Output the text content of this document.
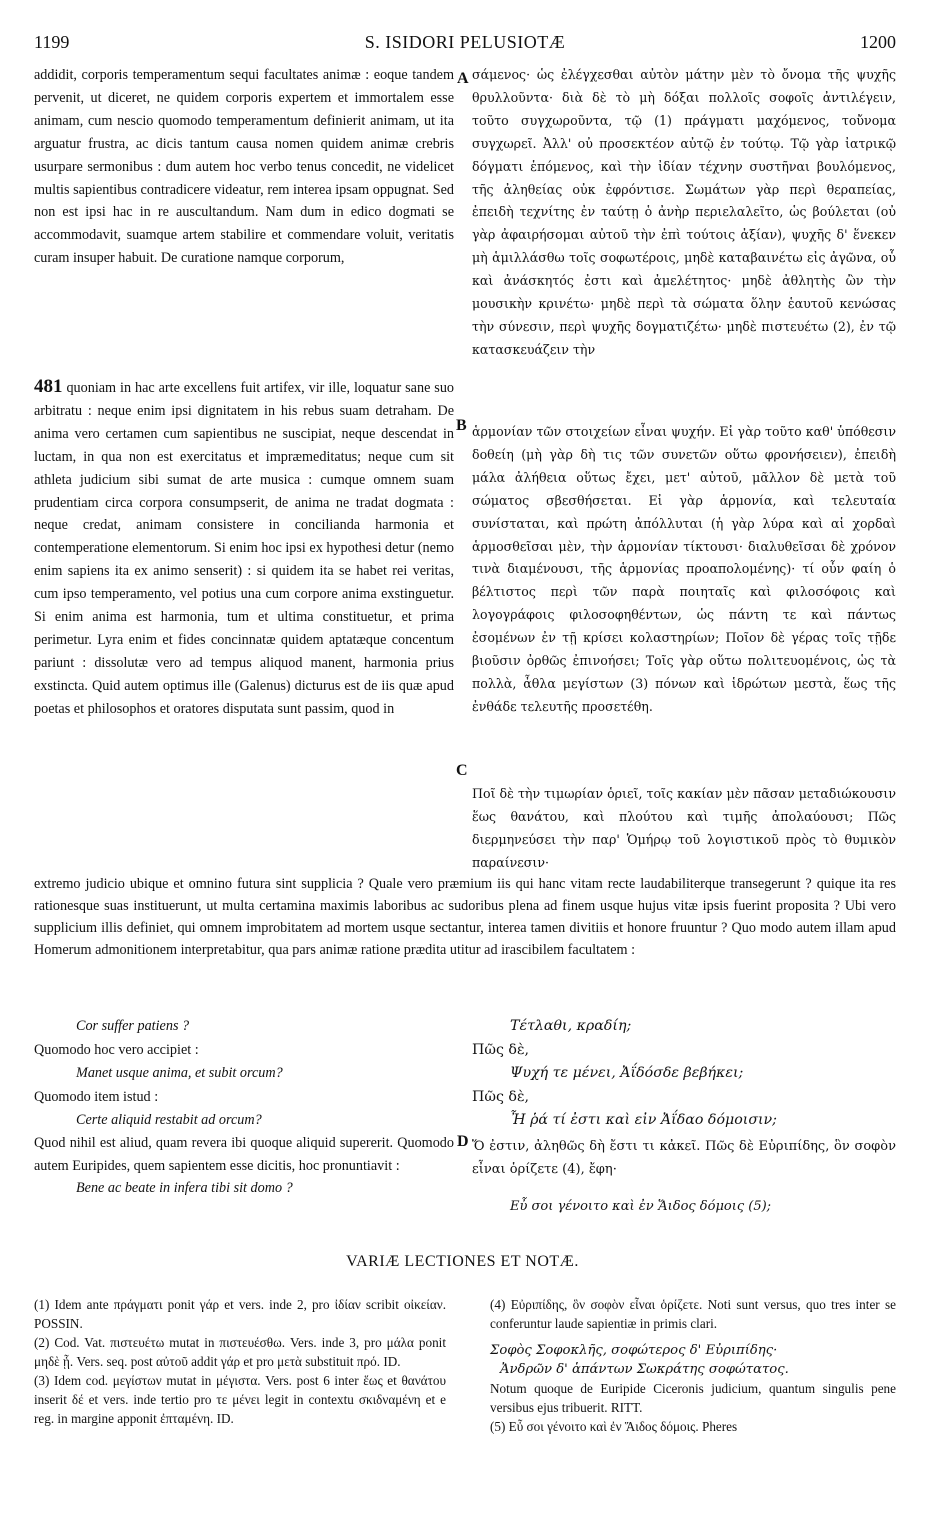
1199	S. ISIDORI PELUSIOTÆ	1200

addidit, corporis temperamentum sequi facultates animæ : eoque tandem pervenit, ut diceret, ne quidem corporis expertem et immortalem esse animam, cum nescio quomodo temperamentum definierit animam, ut ita arguatur frustra, ac dicis tantum causa nomen quidem animæ crebris usurpare sermonibus : dum autem hoc verbo tenus concedit, ne videlicet multis sapientibus contradicere videatur, rem interea ipsam oppugnat. Sed non est ipsi hac in re auscultandum. Nam dum in edico dogmati se accommodavit, suamque artem stabilire et commendare voluit, veritatis curam insuper habuit. De curatione namque corporum,

481 quoniam in hac arte excellens fuit artifex, vir ille, loquatur sane suo arbitratu : neque enim ipsi dignitatem in his rebus suam detraham. De anima vero certamen cum sapientibus ne suscipiat, neque descendat in luctam, in qua non est exercitatus et impræmeditatus; neque cum sit athleta judicium sibi sumat de arte musica : cumque omnem suam prudentiam circa corpora consumpserit, de anima ne tradat dogmata : neque credat, animam consistere in conciliandа harmonia et contemperatione elementorum. Si enim hoc ipsi ex hypothesi detur (nemo enim sapiens ita ex animo senserit) : si quidem ita se habet rei veritas, cum ipso temperamento, vel potius una cum corpore anima exstinguetur. Si enim anima est harmonia, tum et ultima constituetur, et prima perimetur. Lyra enim et fides concinnatæ quidem aptatæque concentum pariunt : dissolutæ vero ad tempus aliquod manent, harmonia prius exstincta. Quid autem optimus ille (Galenus) dicturus est de iis quæ apud poetas et philosophos et oratores disputata sunt passim, quod in

A
B
C
D

σάμενος· ὡς ἐλέγχεσθαι αὐτὸν μάτην μὲν τὸ ὄνομα τῆς ψυχῆς θρυλλοῦντα· διὰ δὲ τὸ μὴ δόξαι πολλοῖς σοφοῖς ἀντιλέγειν, τοῦτο συγχωροῦντα, τῷ (1) πράγματι μαχόμενος, τοὔνομα συγχωρεῖ. Ἀλλ' οὐ προσεκτέον αὐτῷ ἐν τούτῳ. Τῷ γὰρ ἰατρικῷ δόγματι ἑπόμενος, καὶ τὴν ἰδίαν τέχνην συστῆναι βουλόμενος, τῆς ἀληθείας οὐκ ἐφρόντισε. Σωμάτων γὰρ περὶ θεραπείας, ἐπειδὴ τεχνίτης ἐν ταύτῃ ὁ ἀνὴρ περιελαλεῖτο, ὡς βούλεται (οὐ γὰρ ἀφαιρήσομαι αὐτοῦ τὴν ἐπὶ τούτοις ἀξίαν), ψυχῆς δ' ἕνεκεν μὴ ἁμιλλάσθω τοῖς σοφωτέροις, μηδὲ καταβαινέτω εἰς ἀγῶνα, οὗ καὶ ἀνάσκητός ἐστι καὶ ἀμελέτητος· μηδὲ ἀθλητὴς ὢν τὴν μουσικὴν κρινέτω· μηδὲ περὶ τὰ σώματα ὅλην ἑαυτοῦ κενώσας τὴν σύνεσιν, περὶ ψυχῆς δογματιζέτω· μηδὲ πιστευέτω (2), ἐν τῷ κατασκευάζειν τὴν

ἁρμονίαν τῶν στοιχείων εἶναι ψυχήν. Εἰ γὰρ τοῦτο καθ' ὑπόθεσιν δοθείη (μὴ γὰρ δὴ τις τῶν συνετῶν οὕτω φρονήσειεν), ἐπειδὴ μάλα ἀλήθεια οὕτως ἔχει, μετ' αὐτοῦ, μᾶλλον δὲ μετὰ τοῦ σώματος σβεσθήσεται. Εἰ γὰρ ἁρμονία, καὶ τελευταία συνίσταται, καὶ πρώτη ἀπόλλυται (ἡ γὰρ λύρα καὶ αἱ χορδαὶ ἁρμοσθεῖσαι μὲν, τὴν ἁρμονίαν τίκτουσι· διαλυθεῖσαι δὲ χρόνον τινὰ διαμένουσι, τῆς ἁρμονίας προαπολομένης)· τί οὖν φαίη ὁ βέλτιστος περὶ τῶν παρὰ ποιηταῖς καὶ φιλοσόφοις καὶ λογογράφοις φιλοσοφηθέντων, ὡς πάντη τε καὶ πάντως ἐσομένων ἐν τῇ κρίσει κολαστηρίων; Ποῖον δὲ γέρας τοῖς τῇδε βιοῦσιν ὀρθῶς ἐπινοήσει; Τοῖς γὰρ οὕτω πολιτευομένοις, ὡς τὰ πολλὰ, ἆθλα μεγίστων (3) πόνων καὶ ἱδρώτων μεστὰ, ἕως τῆς ἐνθάδε τελευτῆς προσετέθη.

Ποῖ δὲ τὴν τιμωρίαν ὁριεῖ, τοῖς κακίαν μὲν πᾶσαν μεταδιώκουσιν ἕως θανάτου, καὶ πλούτου καὶ τιμῆς ἀπολαύουσι; Πῶς διερμηνεύσει τὴν παρ' Ὁμήρῳ τοῦ λογιστικοῦ πρὸς τὸ θυμικὸν παραίνεσιν·

extremo judicio ubique et omnino futura sint supplicia ? Quale vero præmium iis qui hanc vitam recte laudabiliterque transegerunt ? quique ita res rationesque suas instituerunt, ut multa certamina maximis laboribus ac sudoribus plena ad finem usque hujus vitæ ipsis fuerint proposita ? Ubi vero supplicium illis definiet, qui omnem improbitatem ad mortem usque sectantur, interea tamen divitiis et honore fruuntur ? Quo modo autem illam apud Homerum admonitionem interpretabitur, qua pars animæ ratione prædita utitur ad irascibilem facultatem :
Cor suffer patiens ?
Quomodo hoc vero accipiet :
Manet usque anima, et subit orcum?
Quomodo item istud :
Certe aliquid restabit ad orcum?
Τέτλαθι, κραδίη;
Πῶς δὲ,
Ψυχή τε μένει, Ἀΐδόσδε βεβήκει;
Πῶς δὲ,
Ἦ ῥά τί ἐστι καὶ εἰν Ἀΐδαο δόμοισιν;

Quod nihil est aliud, quam revera ibi quoque aliquid supererit. Quomodo autem Euripides, quem sapientem esse dicitis, hoc pronuntiavit :

Bene ac beate in infera tibi sit domo ?

Ὅ ἐστιν, ἀληθῶς δὴ ἔστι τι κἀκεῖ. Πῶς δὲ Εὐριπίδης, ὃν σοφὸν εἶναι ὁρίζετε (4), ἔφη·

Εὖ σοι γένοιτο καὶ ἐν Ἅιδος δόμοις (5);

VARIÆ LECTIONES ET NOTÆ.

(1) Idem ante πράγματι ponit γάρ et vers. inde 2, pro ἰδίαν scribit οἰκείαν. POSSIN.

(2) Cod. Vat. πιστευέτω mutat in πιστευέσθω. Vers. inde 3, pro μάλα ponit μηδὲ ᾖ. Vers. seq. post αὐτοῦ addit γάρ et pro μετὰ substituit πρό. ID.

(3) Idem cod. μεγίστων mutat in μέγιστα. Vers. post 6 inter ἕως et θανάτου inserit δέ et vers. inde tertio pro τε μένει legit in contextu σκιδναμένη et e reg. in margine apponit ἐπταμένη. ID.

(4) Εὐριπίδης, ὃν σοφὸν εἶναι ὁρίζετε. Noti sunt versus, quo tres inter se conferuntur laude sapientiæ in primis clari.

Σοφὸς Σοφοκλῆς, σοφώτερος δ' Εὐριπίδης·

Ἀνδρῶν δ' ἁπάντων Σωκράτης σοφώτατος.

Notum quoque de Euripide Ciceronis judicium, quantum singulis pene versibus ejus tribuerit. RITT.

(5) Εὖ σοι γένοιτο καὶ ἐν Ἅιδος δόμοις. Pheres
